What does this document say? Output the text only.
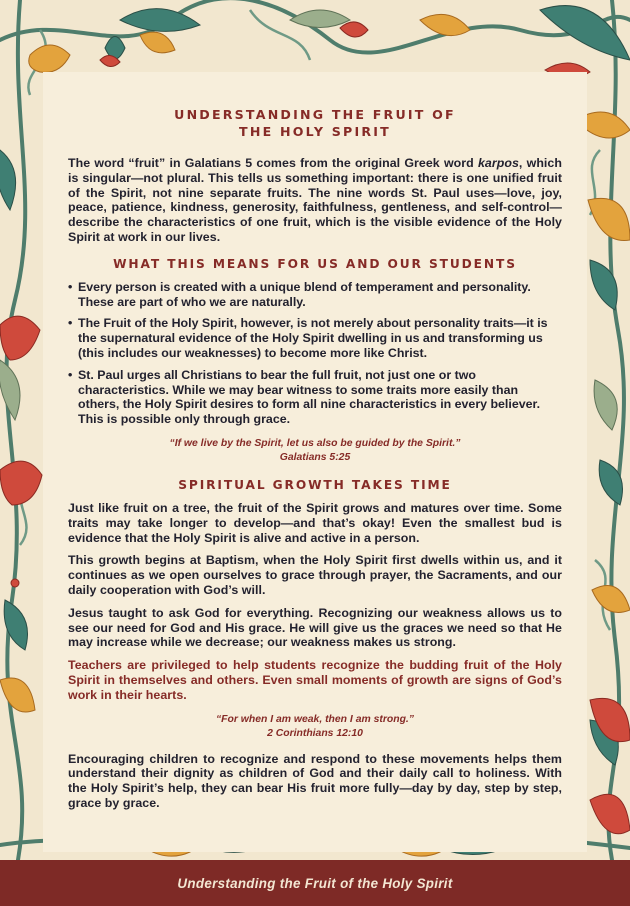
UNDERSTANDING THE FRUIT OF
THE HOLY SPIRIT

The word “fruit” in Galatians 5 comes from the original Greek word karpos, which is singular—not plural. This tells us something important: there is one unified fruit of the Spirit, not nine separate fruits. The nine words St. Paul uses—love, joy, peace, patience, kindness, generosity, faithfulness, gentleness, and self-control—describe the characteristics of one fruit, which is the visible evidence of the Holy Spirit at work in our lives.

WHAT THIS MEANS FOR US AND OUR STUDENTS
• Every person is created with a unique blend of temperament and personality. These are part of who we are naturally.
• The Fruit of the Holy Spirit, however, is not merely about personality traits—it is the supernatural evidence of the Holy Spirit dwelling in us and transforming us (this includes our weaknesses) to become more like Christ.
• St. Paul urges all Christians to bear the full fruit, not just one or two characteristics. While we may bear witness to some traits more easily than others, the Holy Spirit desires to form all nine characteristics in every believer. This is possible only through grace.
“If we live by the Spirit, let us also be guided by the Spirit.”
Galatians 5:25
SPIRITUAL GROWTH TAKES TIME

Just like fruit on a tree, the fruit of the Spirit grows and matures over time. Some traits may take longer to develop—and that’s okay! Even the smallest bud is evidence that the Holy Spirit is alive and active in a person.

This growth begins at Baptism, when the Holy Spirit first dwells within us, and it continues as we open ourselves to grace through prayer, the Sacraments, and our daily cooperation with God’s will.

Jesus taught to ask God for everything. Recognizing our weakness allows us to see our need for God and His grace. He will give us the graces we need so that He may increase while we decrease; our weakness makes us strong.

Teachers are privileged to help students recognize the budding fruit of the Holy Spirit in themselves and others. Even small moments of growth are signs of God’s work in their hearts.

“For when I am weak, then I am strong.”
2 Corinthians 12:10

Encouraging children to recognize and respond to these movements helps them understand their dignity as children of God and their daily call to holiness. With the Holy Spirit’s help, they can bear His fruit more fully—day by day, step by step, grace by grace.

Understanding the Fruit of the Holy Spirit
